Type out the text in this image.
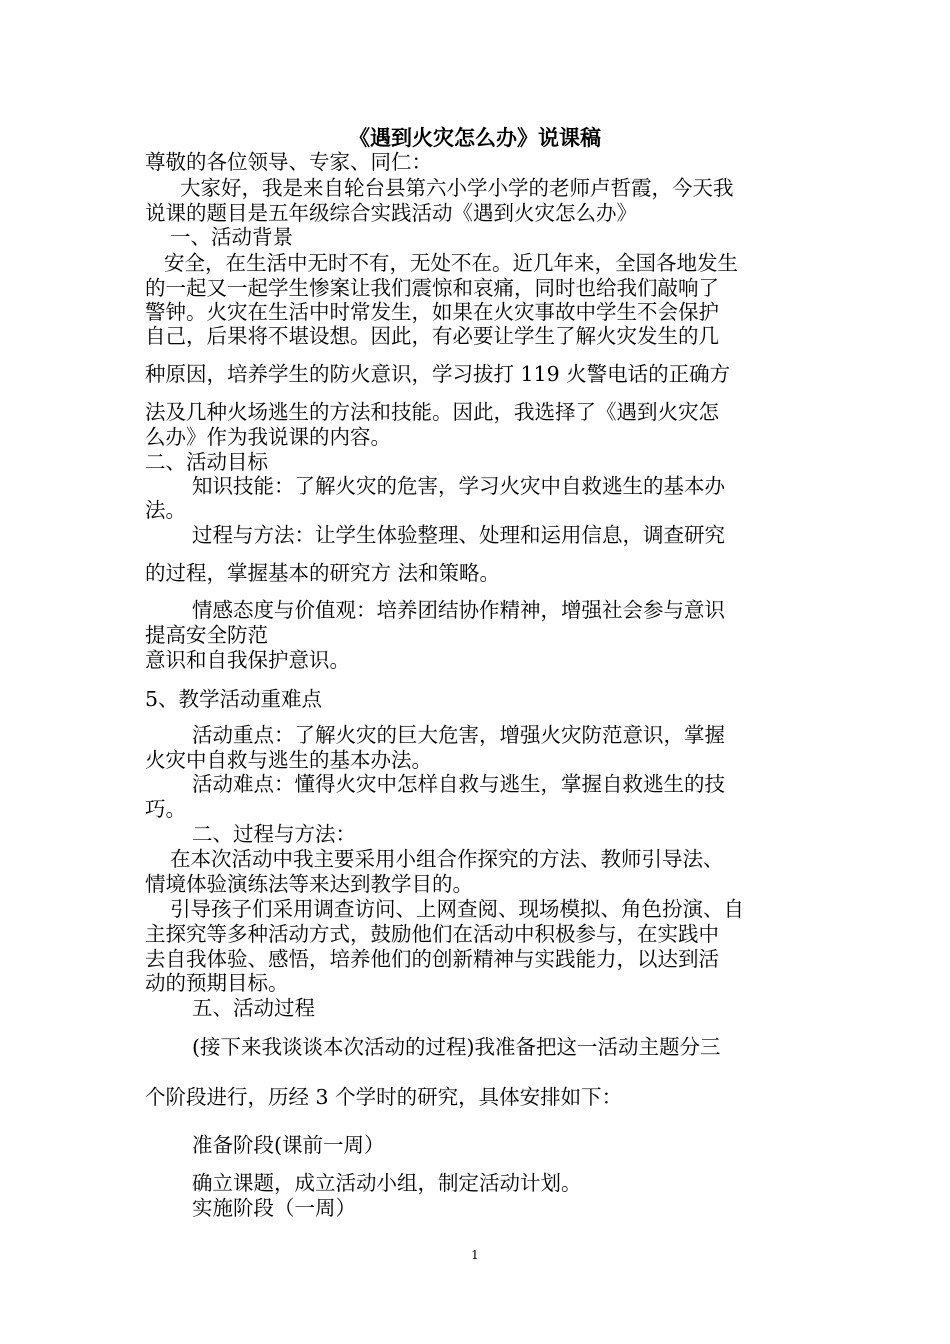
《遇到火灾怎么办》说课稿
尊敬的各位领导、专家、同仁：
大家好，我是来自轮台县第六小学小学的老师卢哲霞，今天我
说课的题目是五年级综合实践活动《遇到火灾怎么办》
一、活动背景
安全，在生活中无时不有，无处不在。近几年来，全国各地发生
的一起又一起学生惨案让我们震惊和哀痛，同时也给我们敲响了
警钟。火灾在生活中时常发生，如果在火灾事故中学生不会保护
自己，后果将不堪设想。因此，有必要让学生了解火灾发生的几
种原因，培养学生的防火意识，学习拔打 119 火警电话的正确方
法及几种火场逃生的方法和技能。因此，我选择了《遇到火灾怎
么办》作为我说课的内容。
二、活动目标
知识技能：了解火灾的危害，学习火灾中自救逃生的基本办
法。
过程与方法：让学生体验整理、处理和运用信息，调查研究
的过程，掌握基本的研究方 法和策略。
情感态度与价值观：培养团结协作精神，增强社会参与意识
提高安全防范
意识和自我保护意识。
5、教学活动重难点
活动重点：了解火灾的巨大危害，增强火灾防范意识，掌握
火灾中自救与逃生的基本办法。
活动难点：懂得火灾中怎样自救与逃生，掌握自救逃生的技
巧。
二、过程与方法：
在本次活动中我主要采用小组合作探究的方法、教师引导法、
情境体验演练法等来达到教学目的。
引导孩子们采用调查访问、上网查阅、现场模拟、角色扮演、自
主探究等多种活动方式，鼓励他们在活动中积极参与，在实践中
去自我体验、感悟，培养他们的创新精神与实践能力，以达到活
动的预期目标。
五、活动过程
(接下来我谈谈本次活动的过程)我准备把这一活动主题分三
个阶段进行，历经 3 个学时的研究，具体安排如下：
准备阶段(课前一周）
确立课题，成立活动小组，制定活动计划。
实施阶段（一周）
1
